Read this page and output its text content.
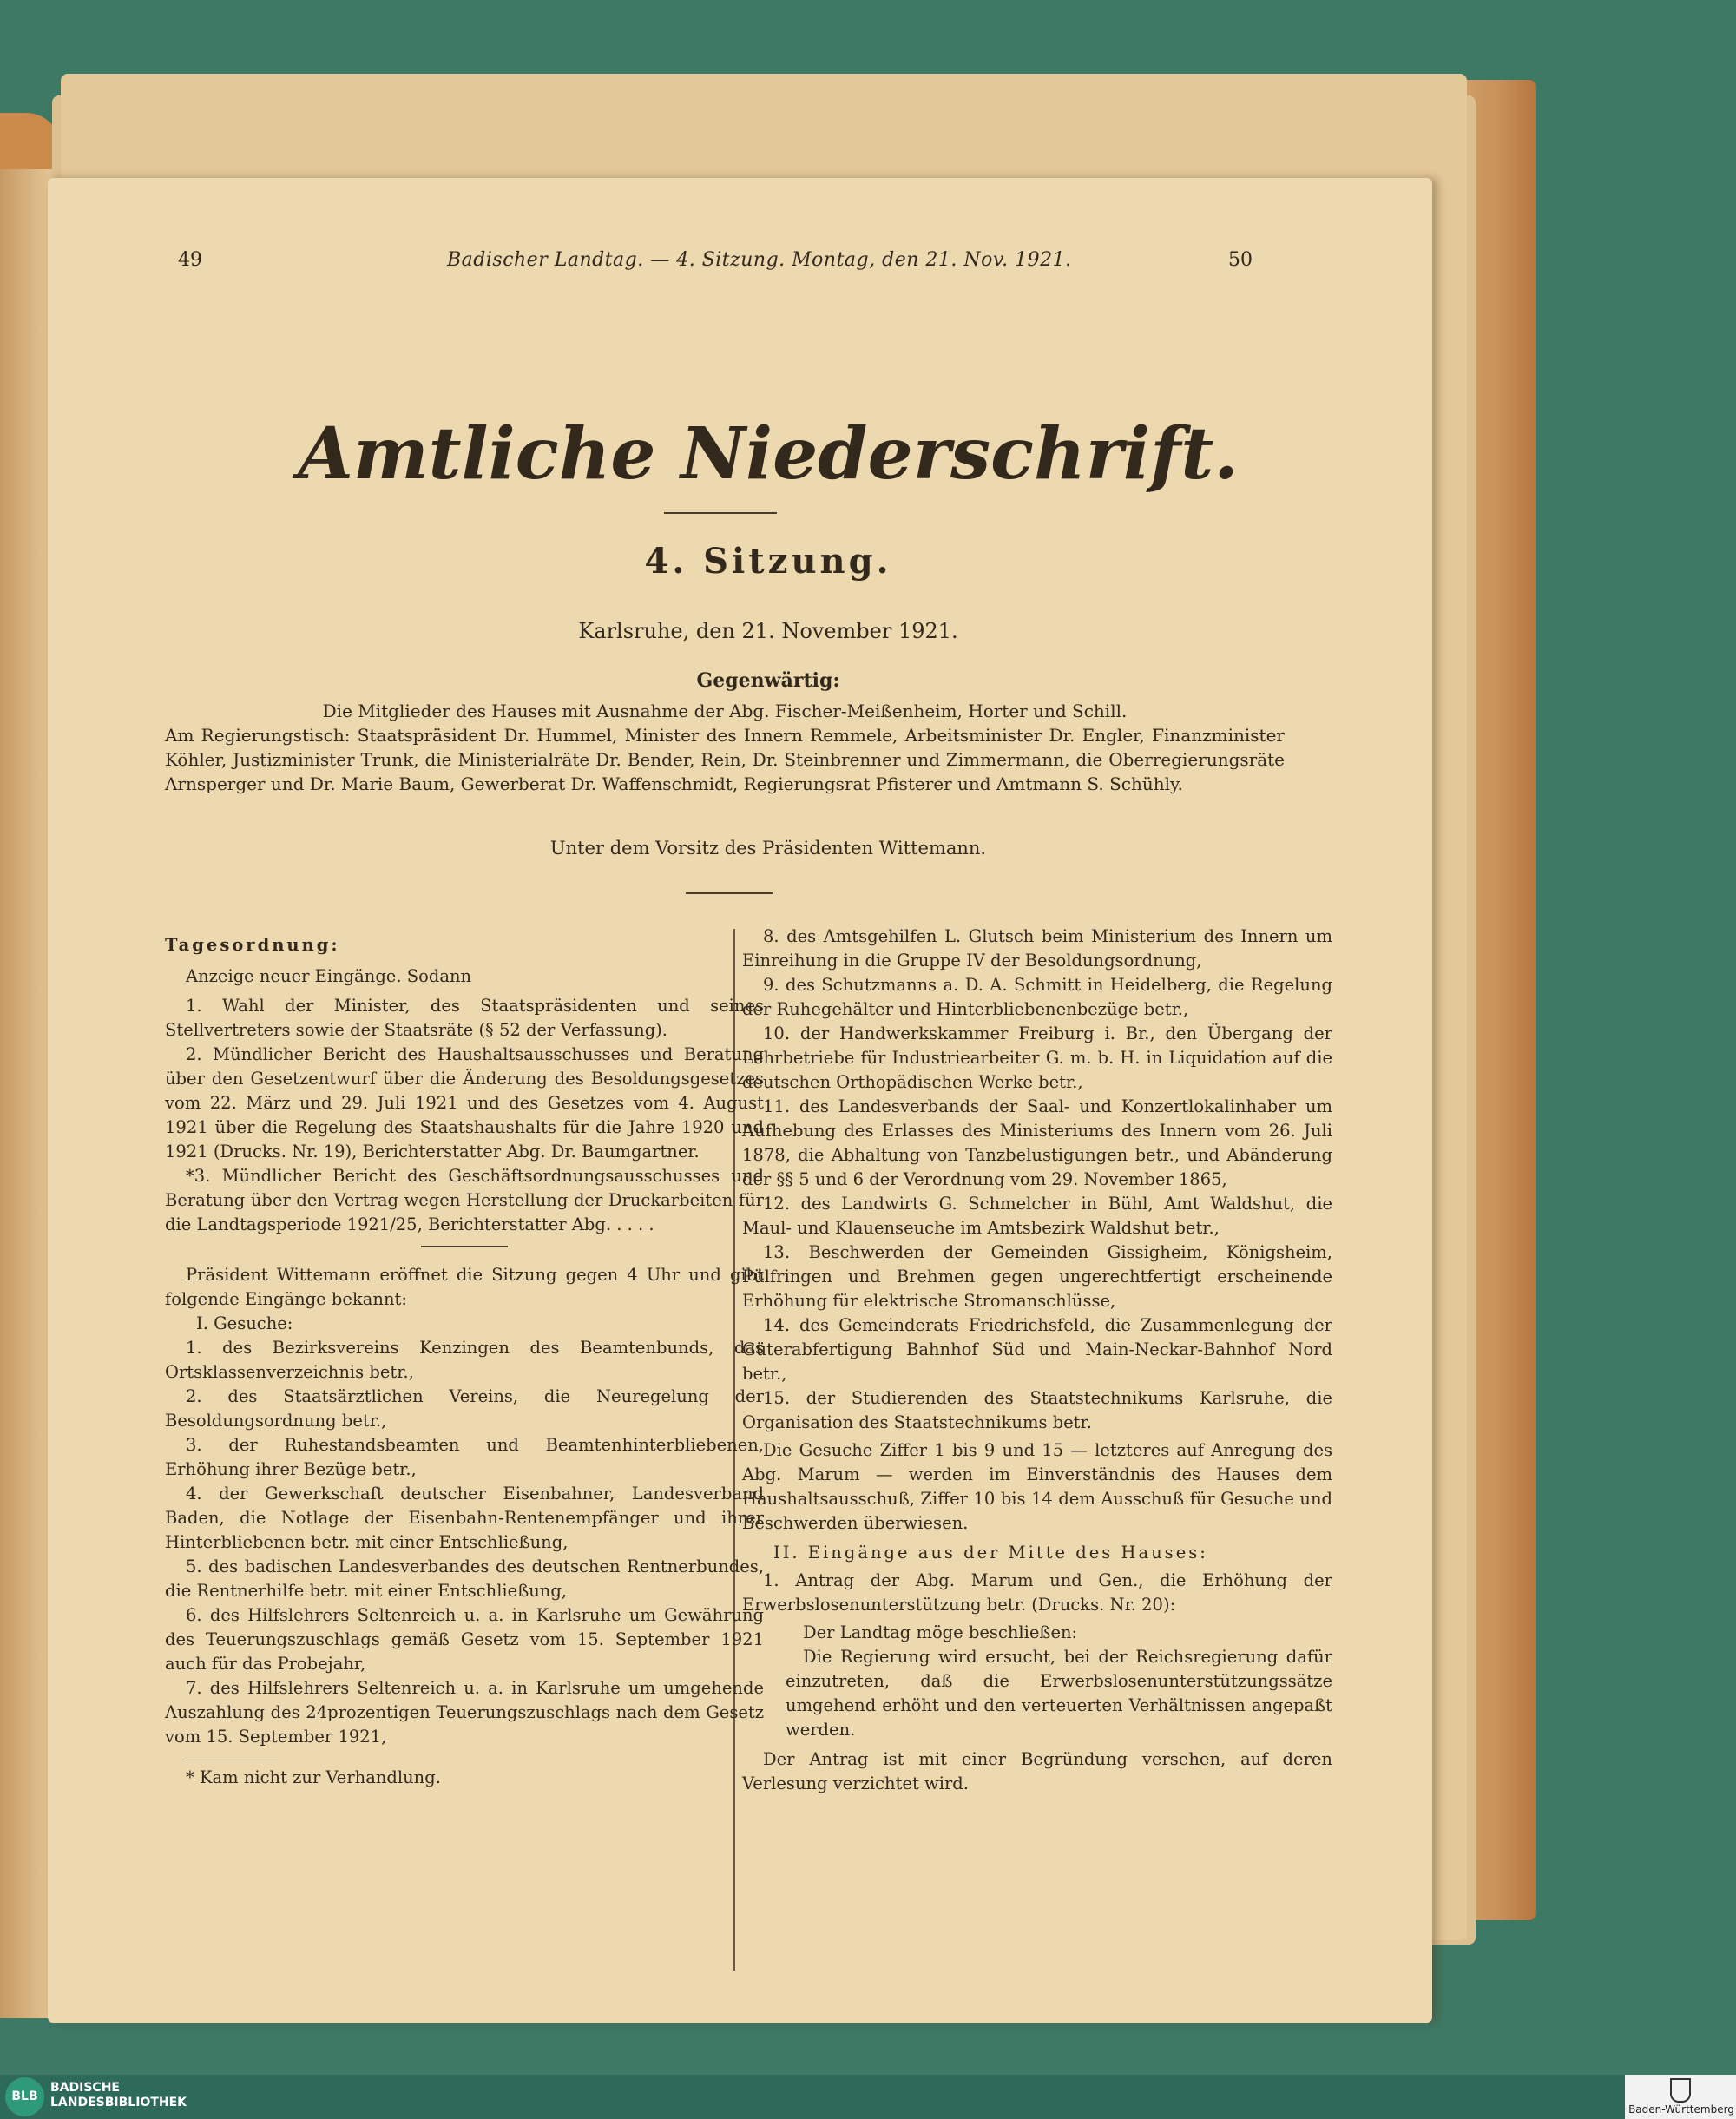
49	Badischer Landtag. — 4. Sitzung. Montag, den 21. Nov. 1921.	50
Amtliche Niederschrift.
4. Sitzung.
Karlsruhe, den 21. November 1921.
Gegenwärtig:

Die Mitglieder des Hauses mit Ausnahme der Abg. Fischer-Meißenheim, Horter und Schill.

Am Regierungstisch: Staatspräsident Dr. Hummel, Minister des Innern Remmele, Arbeitsminister Dr. Engler, Finanzminister Köhler, Justizminister Trunk, die Ministerialräte Dr. Bender, Rein, Dr. Steinbrenner und Zimmermann, die Oberregierungsräte Arnsperger und Dr. Marie Baum, Gewerberat Dr. Waffenschmidt, Regierungsrat Pfisterer und Amtmann S. Schühly.

Unter dem Vorsitz des Präsidenten Wittemann.

Tagesordnung:

Anzeige neuer Eingänge. Sodann

1. Wahl der Minister, des Staatspräsidenten und seines Stellvertreters sowie der Staatsräte (§ 52 der Verfassung).

2. Mündlicher Bericht des Haushaltsausschusses und Beratung über den Gesetzentwurf über die Änderung des Besoldungsgesetzes vom 22. März und 29. Juli 1921 und des Gesetzes vom 4. August 1921 über die Regelung des Staatshaushalts für die Jahre 1920 und 1921 (Drucks. Nr. 19), Berichterstatter Abg. Dr. Baumgartner.

*3. Mündlicher Bericht des Geschäftsordnungsausschusses und Beratung über den Vertrag wegen Herstellung der Druckarbeiten für die Landtagsperiode 1921/25, Berichterstatter Abg. . . . .

Präsident Wittemann eröffnet die Sitzung gegen 4 Uhr und gibt folgende Eingänge bekannt:

I. Gesuche:

1. des Bezirksvereins Kenzingen des Beamtenbunds, das Ortsklassenverzeichnis betr.,

2. des Staatsärztlichen Vereins, die Neuregelung der Besoldungsordnung betr.,

3. der Ruhestandsbeamten und Beamtenhinterbliebenen, Erhöhung ihrer Bezüge betr.,

4. der Gewerkschaft deutscher Eisenbahner, Landesverband Baden, die Notlage der Eisenbahn-Rentenempfänger und ihrer Hinterbliebenen betr. mit einer Entschließung,

5. des badischen Landesverbandes des deutschen Rentnerbundes, die Rentnerhilfe betr. mit einer Entschließung,

6. des Hilfslehrers Seltenreich u. a. in Karlsruhe um Gewährung des Teuerungszuschlags gemäß Gesetz vom 15. September 1921 auch für das Probejahr,

7. des Hilfslehrers Seltenreich u. a. in Karlsruhe um umgehende Auszahlung des 24prozentigen Teuerungszuschlags nach dem Gesetz vom 15. September 1921,

* Kam nicht zur Verhandlung.

8. des Amtsgehilfen L. Glutsch beim Ministerium des Innern um Einreihung in die Gruppe IV der Besoldungsordnung,

9. des Schutzmanns a. D. A. Schmitt in Heidelberg, die Regelung der Ruhegehälter und Hinterbliebenenbezüge betr.,

10. der Handwerkskammer Freiburg i. Br., den Übergang der Lehrbetriebe für Industriearbeiter G. m. b. H. in Liquidation auf die deutschen Orthopädischen Werke betr.,

11. des Landesverbands der Saal- und Konzertlokalinhaber um Aufhebung des Erlasses des Ministeriums des Innern vom 26. Juli 1878, die Abhaltung von Tanzbelustigungen betr., und Abänderung der §§ 5 und 6 der Verordnung vom 29. November 1865,

12. des Landwirts G. Schmelcher in Bühl, Amt Waldshut, die Maul- und Klauenseuche im Amtsbezirk Waldshut betr.,

13. Beschwerden der Gemeinden Gissigheim, Königsheim, Pülfringen und Brehmen gegen ungerechtfertigt erscheinende Erhöhung für elektrische Stromanschlüsse,

14. des Gemeinderats Friedrichsfeld, die Zusammenlegung der Güterabfertigung Bahnhof Süd und Main-Neckar-Bahnhof Nord betr.,

15. der Studierenden des Staatstechnikums Karlsruhe, die Organisation des Staatstechnikums betr.

Die Gesuche Ziffer 1 bis 9 und 15 — letzteres auf Anregung des Abg. Marum — werden im Einverständnis des Hauses dem Haushaltsausschuß, Ziffer 10 bis 14 dem Ausschuß für Gesuche und Beschwerden überwiesen.

II. Eingänge aus der Mitte des Hauses:

1. Antrag der Abg. Marum und Gen., die Erhöhung der Erwerbslosenunterstützung betr. (Drucks. Nr. 20):

Der Landtag möge beschließen:

Die Regierung wird ersucht, bei der Reichsregierung dafür einzutreten, daß die Erwerbslosenunterstützungssätze umgehend erhöht und den verteuerten Verhältnissen angepaßt werden.

Der Antrag ist mit einer Begründung versehen, auf deren Verlesung verzichtet wird.

BLB
BADISCHE
LANDESBIBLIOTHEK	Baden-Württemberg
